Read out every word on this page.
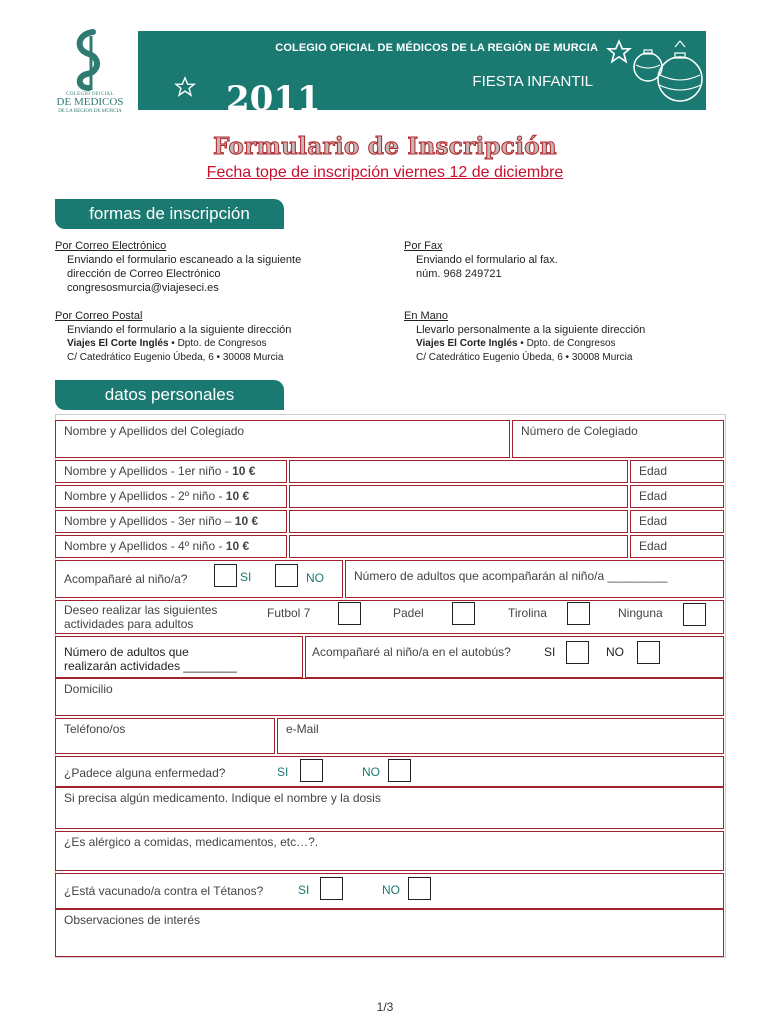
COLEGIO OFICIAL
DE MEDICOS
DE LA REGION DE MURCIA
COLEGIO OFICIAL DE MÉDICOS DE LA REGIÓN DE MURCIA
FIESTA INFANTIL
2011
Formulario de Inscripción
Fecha tope de inscripción viernes 12 de diciembre
formas de inscripción
Por Correo Electrónico
Enviando el formulario escaneado a la siguiente
dirección de Correo Electrónico
congresosmurcia@viajeseci.es
Por Fax
Enviando el formulario al fax.
núm. 968 249721
Por Correo Postal
Enviando el formulario a la siguiente dirección
Viajes El Corte Inglés • Dpto. de Congresos
C/ Catedrático Eugenio Úbeda, 6 • 30008 Murcia
En Mano
Llevarlo personalmente a la siguiente dirección
Viajes El Corte Inglés • Dpto. de Congresos
C/ Catedrático Eugenio Úbeda, 6 • 30008 Murcia
datos personales
Nombre y Apellidos del Colegiado	Número de Colegiado
Nombre y Apellidos - 1er niño - 10 €	Edad
Nombre y Apellidos - 2º niño - 10 €	Edad
Nombre y Apellidos - 3er niño – 10 €	Edad
Nombre y Apellidos - 4º niño - 10 €	Edad
Acompañaré al niño/a?	SI	NO	Número de adultos que acompañarán al niño/a _________
Deseo realizar las siguientes
actividades para adultos
Futbol 7	Padel	Tirolina	Ninguna
Número de adultos que
realizarán actividades ________
Acompañaré al niño/a en el autobús?	SI	NO
Domicilio
Teléfono/os	e-Mail
¿Padece alguna enfermedad?	SI	NO
Si precisa algún medicamento. Indique el nombre y la dosis
¿Es alérgico a comidas, medicamentos, etc…?.
¿Está vacunado/a contra el Tétanos?	SI	NO
Observaciones de interés
1/3
